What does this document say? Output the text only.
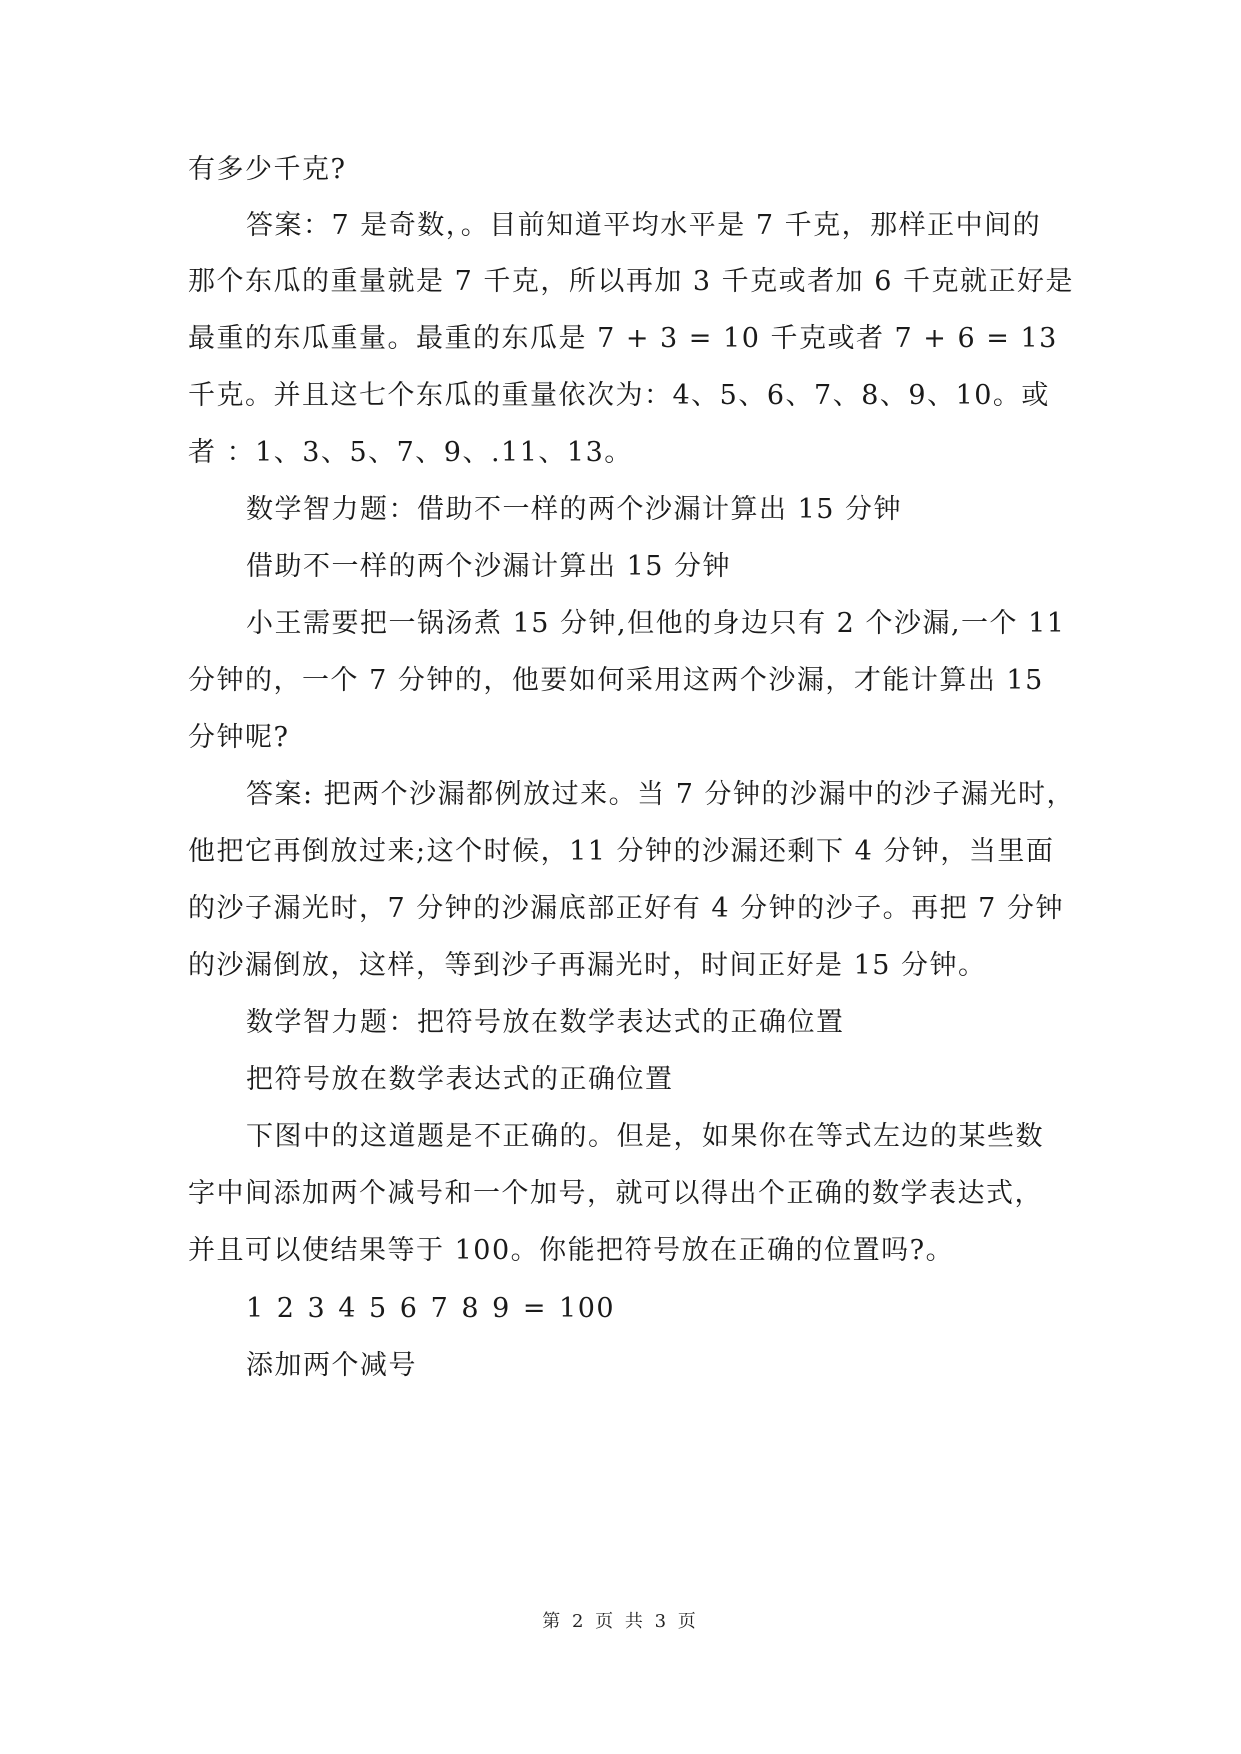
有多少千克?
答案：7 是奇数，。目前知道平均水平是 7 千克，那样正中间的
那个东瓜的重量就是 7 千克，所以再加 3 千克或者加 6 千克就正好是
最重的东瓜重量。最重的东瓜是 7 + 3 = 10 千克或者 7 + 6 = 13
千克。并且这七个东瓜的重量依次为：4、5、6、7、8、9、10。或
者 ：1、3、5、7、9、.11、13。
数学智力题：借助不一样的两个沙漏计算出 15 分钟
借助不一样的两个沙漏计算出 15 分钟
小王需要把一锅汤煮 15 分钟,但他的身边只有 2 个沙漏,一个 11
分钟的，一个 7 分钟的，他要如何采用这两个沙漏，才能计算出 15
分钟呢?
答案: 把两个沙漏都例放过来。当 7 分钟的沙漏中的沙子漏光时，
他把它再倒放过来;这个时候，11 分钟的沙漏还剩下 4 分钟，当里面
的沙子漏光时，7 分钟的沙漏底部正好有 4 分钟的沙子。再把 7 分钟
的沙漏倒放，这样，等到沙子再漏光时，时间正好是 15 分钟。
数学智力题：把符号放在数学表达式的正确位置
把符号放在数学表达式的正确位置
下图中的这道题是不正确的。但是，如果你在等式左边的某些数
字中间添加两个减号和一个加号，就可以得出个正确的数学表达式，
并且可以使结果等于 100。你能把符号放在正确的位置吗?。
1 2 3 4 5 6 7 8 9 = 100
添加两个减号
第 2 页 共 3 页
